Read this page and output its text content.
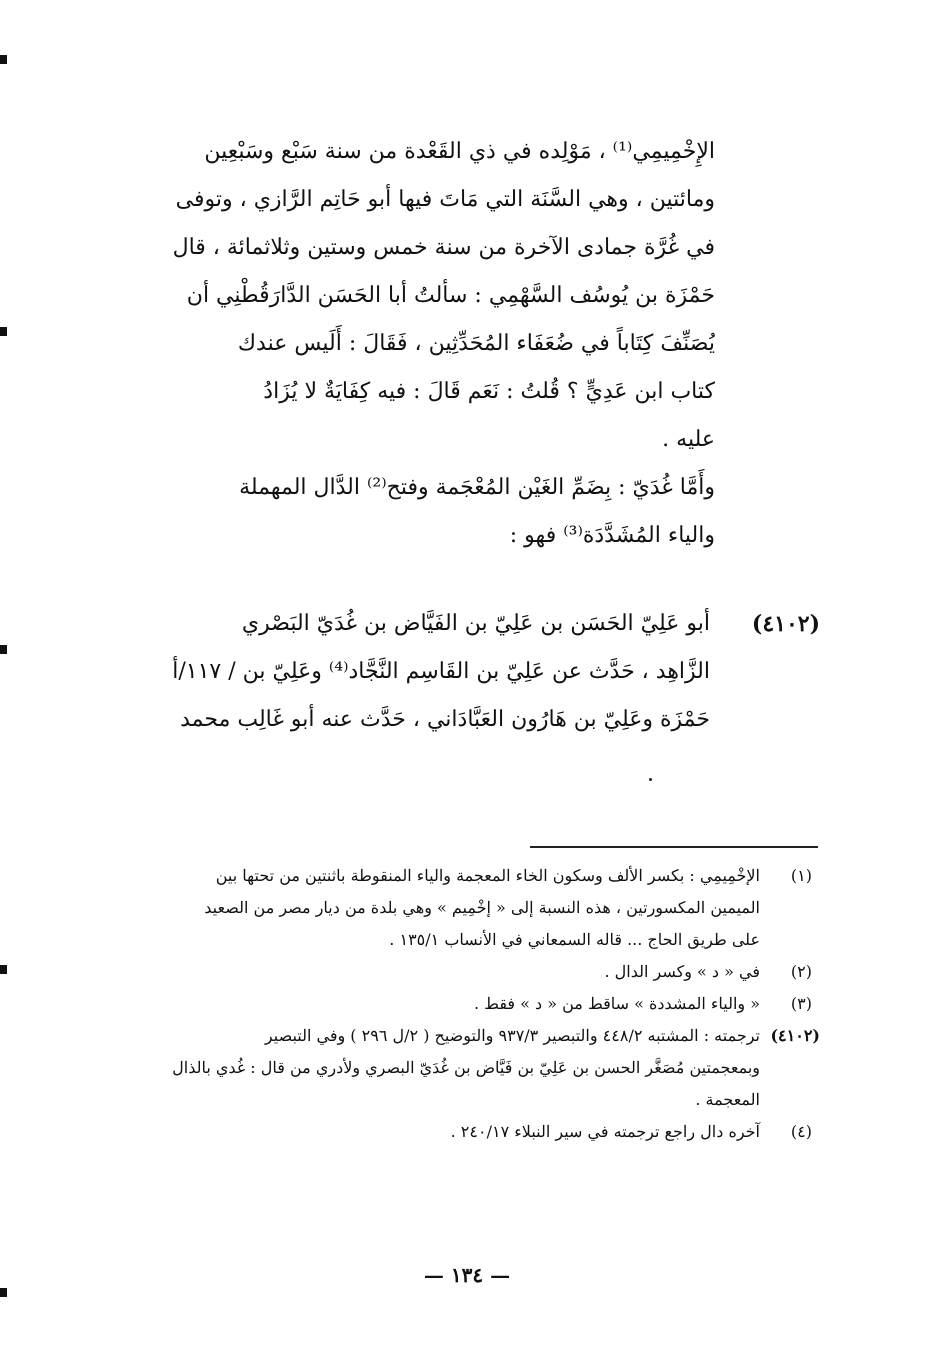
الإِخْمِيمِي⁽¹⁾ ، مَوْلِده في ذي القَعْدة من سنة سَبْع وسَبْعِين
ومائتين ، وهي السَّنَة التي مَاتَ فيها أبو حَاتِم الرَّازي ، وتوفى
في غُرَّة جمادى الآخرة من سنة خمس وستين وثلاثمائة ، قال
حَمْزَة بن يُوسُف السَّهْمِي : سألتُ أبا الحَسَن الدَّارَقُطْنِي أن
يُصَنِّفَ كِتَاباً في ضُعَفَاء المُحَدِّثِين ، فَقَالَ : أَلَيس عندك
كتاب ابن عَدِيٍّ ؟ قُلتُ : نَعَم قَالَ : فيه كِفَايَةٌ لا يُزَادُ
عليه .
وأَمَّا غُدَيّ : بِضَمِّ الغَيْن المُعْجَمة وفتح⁽²⁾ الدَّال المهملة
والياء المُشَدَّدَة⁽³⁾ فهو :
(٤١٠٢)
أبو عَلِيّ الحَسَن بن عَلِيّ بن الفَيَّاض بن غُدَيّ البَصْري
الزَّاهِد ، حَدَّث عن عَلِيّ بن القَاسِم النَّجَّاد⁽⁴⁾ وعَلِيّ بن / ١١٧/أ
حَمْزَة وعَلِيّ بن هَارُون العَبَّادَاني ، حَدَّث عنه أبو غَالِب محمد
(١)
الإخْمِيمِي : بكسر الألف وسكون الخاء المعجمة والياء المنقوطة باثنتين من تحتها بين
الميمين المكسورتين ، هذه النسبة إلى « إخْمِيم » وهي بلدة من ديار مصر من الصعيد
على طريق الحاج ... قاله السمعاني في الأنساب ١٣٥/١ .
(٢)
في « د » وكسر الدال .
(٣)
« والياء المشددة » ساقط من « د » فقط .
(٤١٠٢)
ترجمته : المشتبه ٤٤٨/٢ والتبصير ٩٣٧/٣ والتوضيح ( ٢/ل ٢٩٦ ) وفي التبصير
وبمعجمتين مُصَغَّر الحسن بن عَلِيّ بن فَيَّاض بن غُدَيّ البصري ولأدري من قال : غُدي بالذال
المعجمة .
(٤)
آخره دال راجع ترجمته في سير النبلاء ٢٤٠/١٧ .
— ١٣٤ —
